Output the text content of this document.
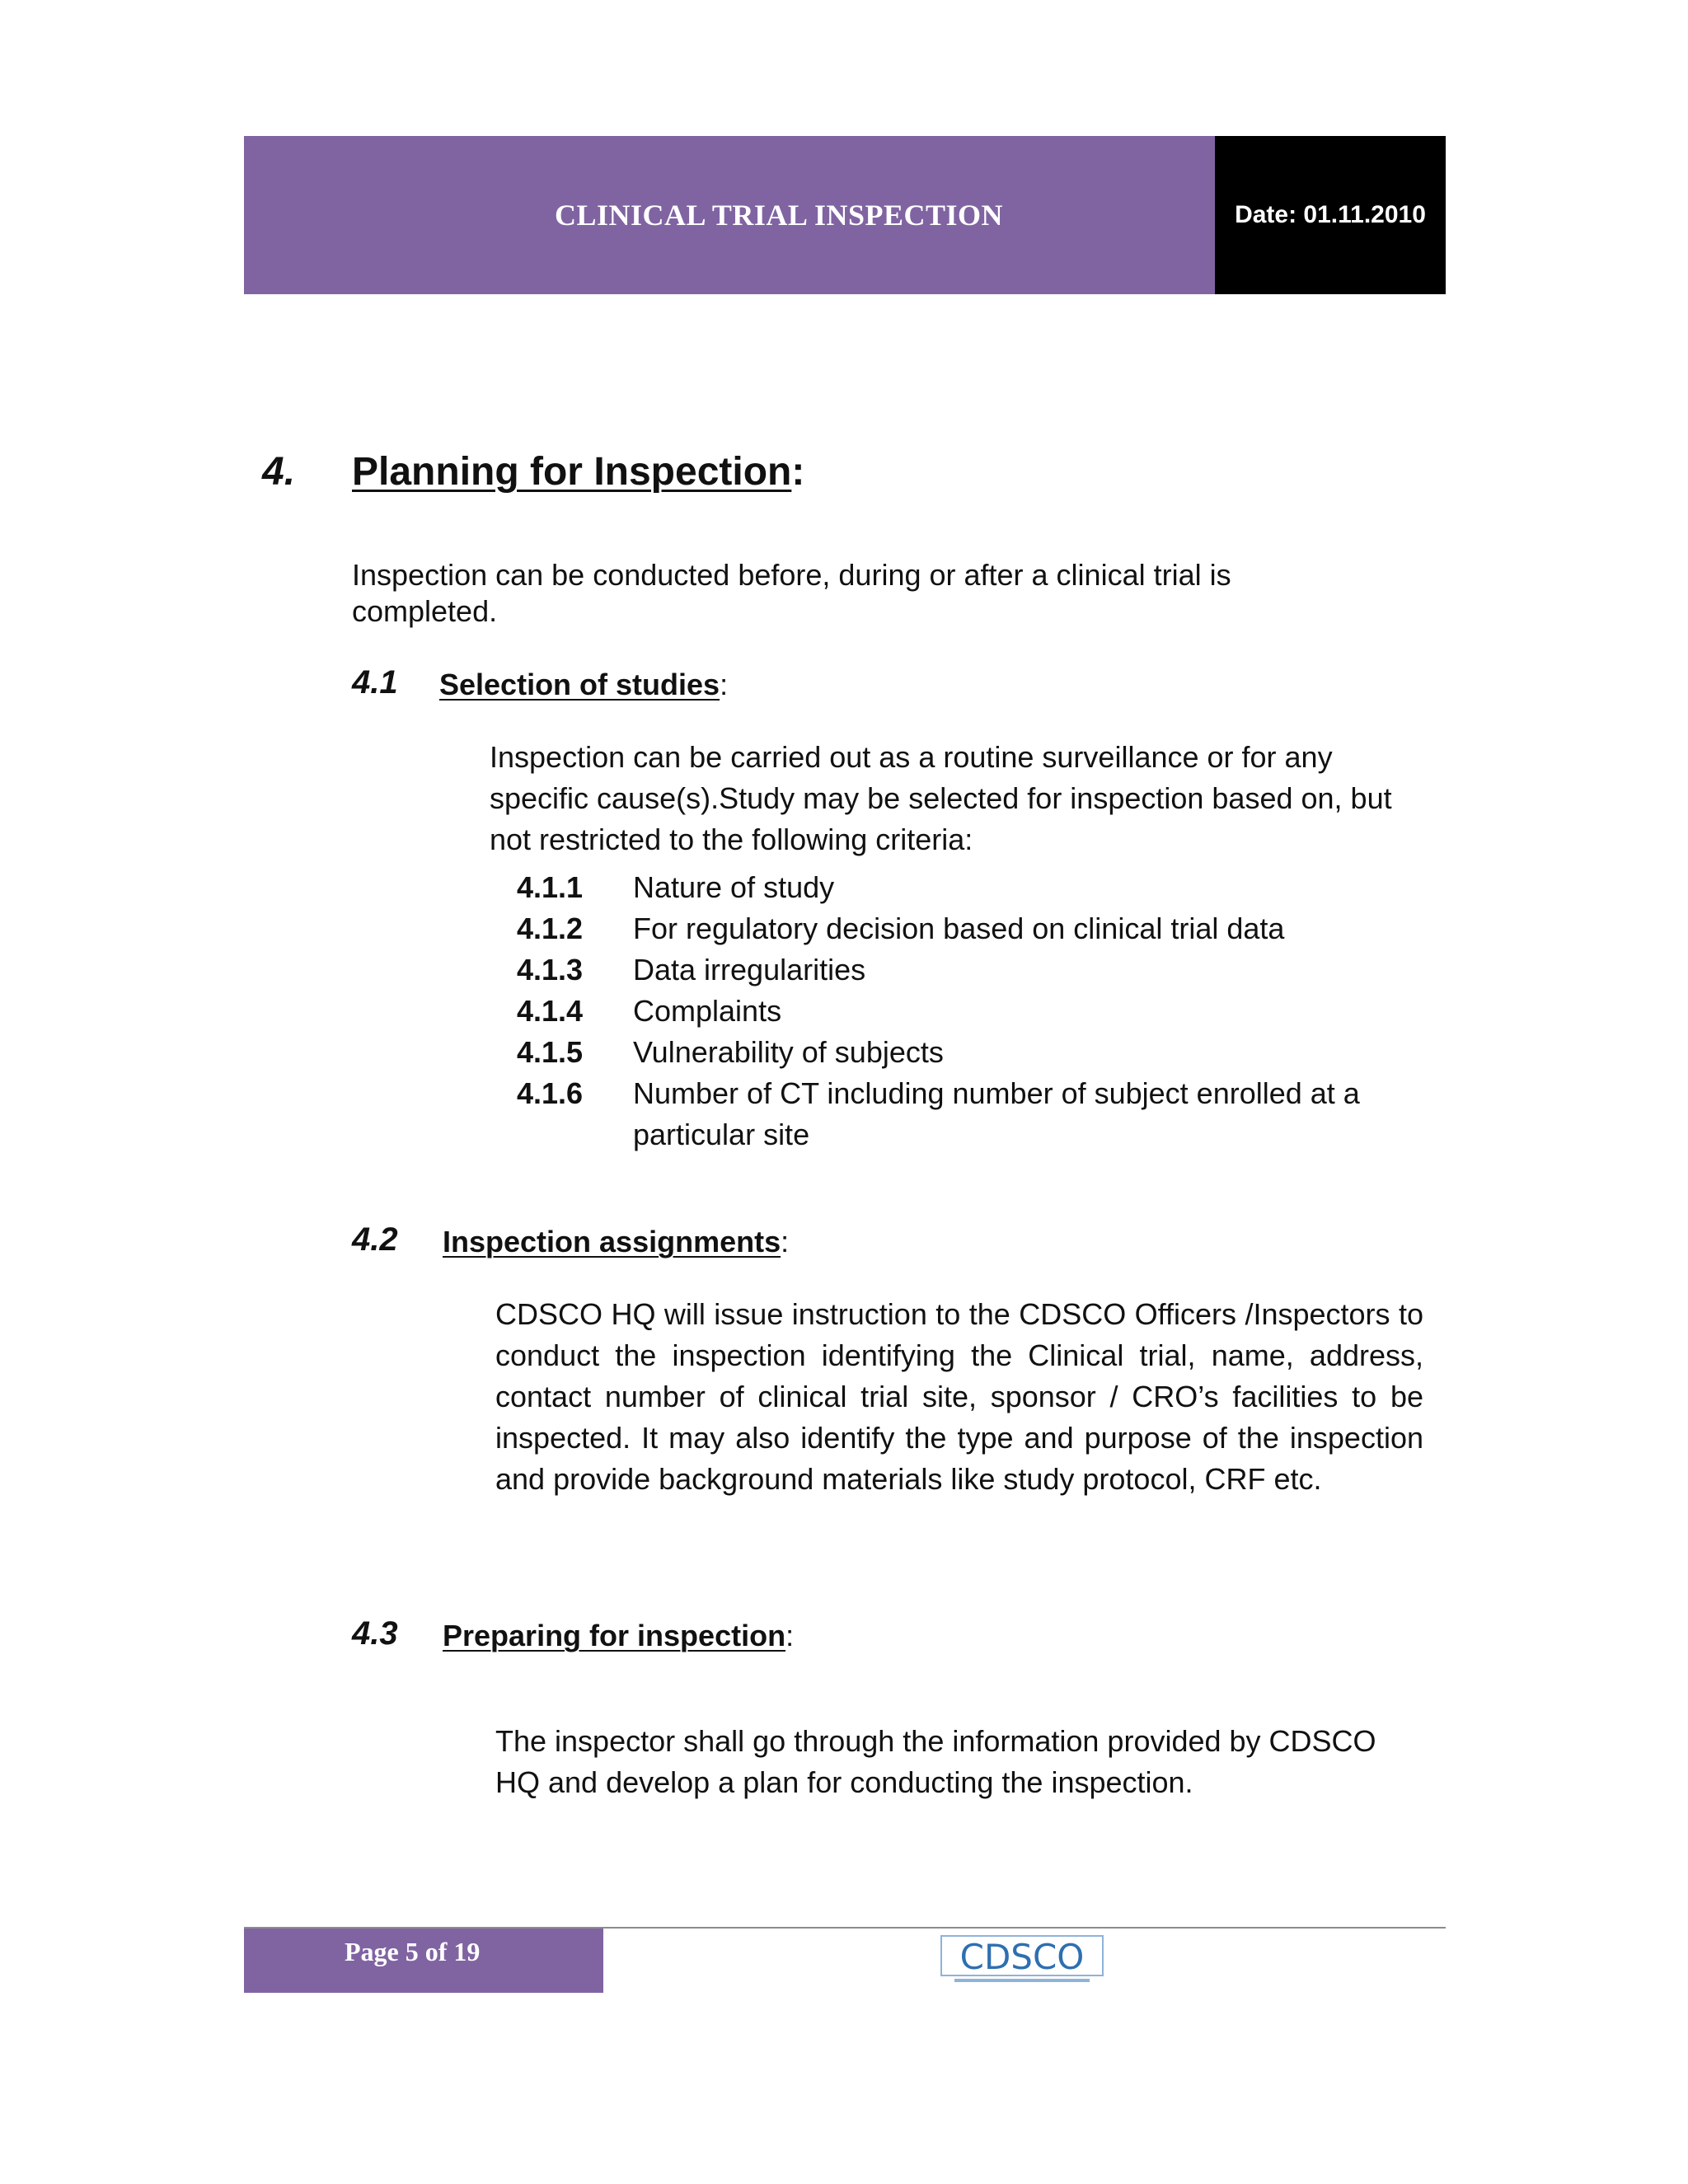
CLINICAL TRIAL INSPECTION	Date: 01.11.2010
4. Planning for Inspection:
Inspection can be conducted before, during or after a clinical trial is completed.
4.1 Selection of studies:
Inspection can be carried out as a routine surveillance or for any specific cause(s).Study may be selected for inspection based on, but not restricted to the following criteria:
4.1.1	Nature of study
4.1.2	For regulatory decision based on clinical trial data
4.1.3	Data irregularities
4.1.4	Complaints
4.1.5	Vulnerability of subjects
4.1.6	Number of CT including number of subject enrolled at a particular site
4.2 Inspection assignments:
CDSCO HQ will issue instruction to the CDSCO Officers /Inspectors to conduct the inspection identifying the Clinical trial, name, address, contact number of clinical trial site, sponsor / CRO’s facilities to be inspected. It may also identify the type and purpose of the inspection and provide background materials like study protocol, CRF etc.
4.3 Preparing for inspection:
The inspector shall go through the information provided by CDSCO HQ and develop a plan for conducting the inspection.
Page 5 of 19	CDSCO
